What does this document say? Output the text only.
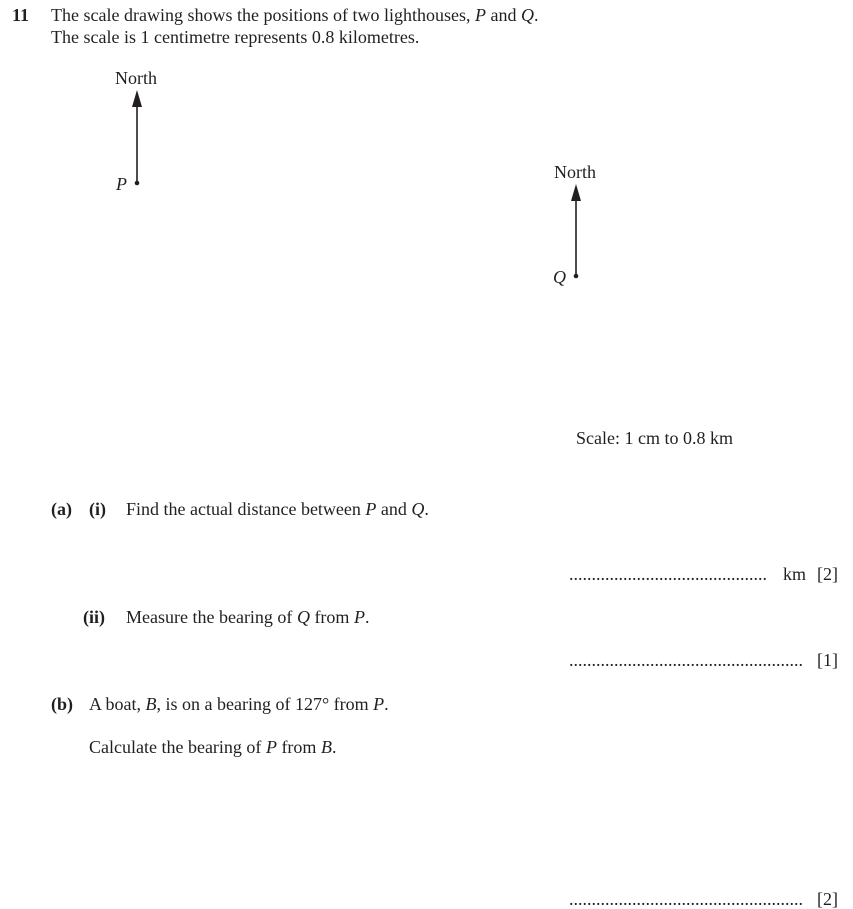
11 The scale drawing shows the positions of two lighthouses, P and Q.
The scale is 1 centimetre represents 0.8 kilometres.
North
P
North
Q
Scale: 1 cm to 0.8 km
(a) (i) Find the actual distance between P and Q.
............................................ km [2]
(ii) Measure the bearing of Q from P.
.................................................... [1]
(b) A boat, B, is on a bearing of 127° from P.
Calculate the bearing of P from B.
.................................................... [2]
